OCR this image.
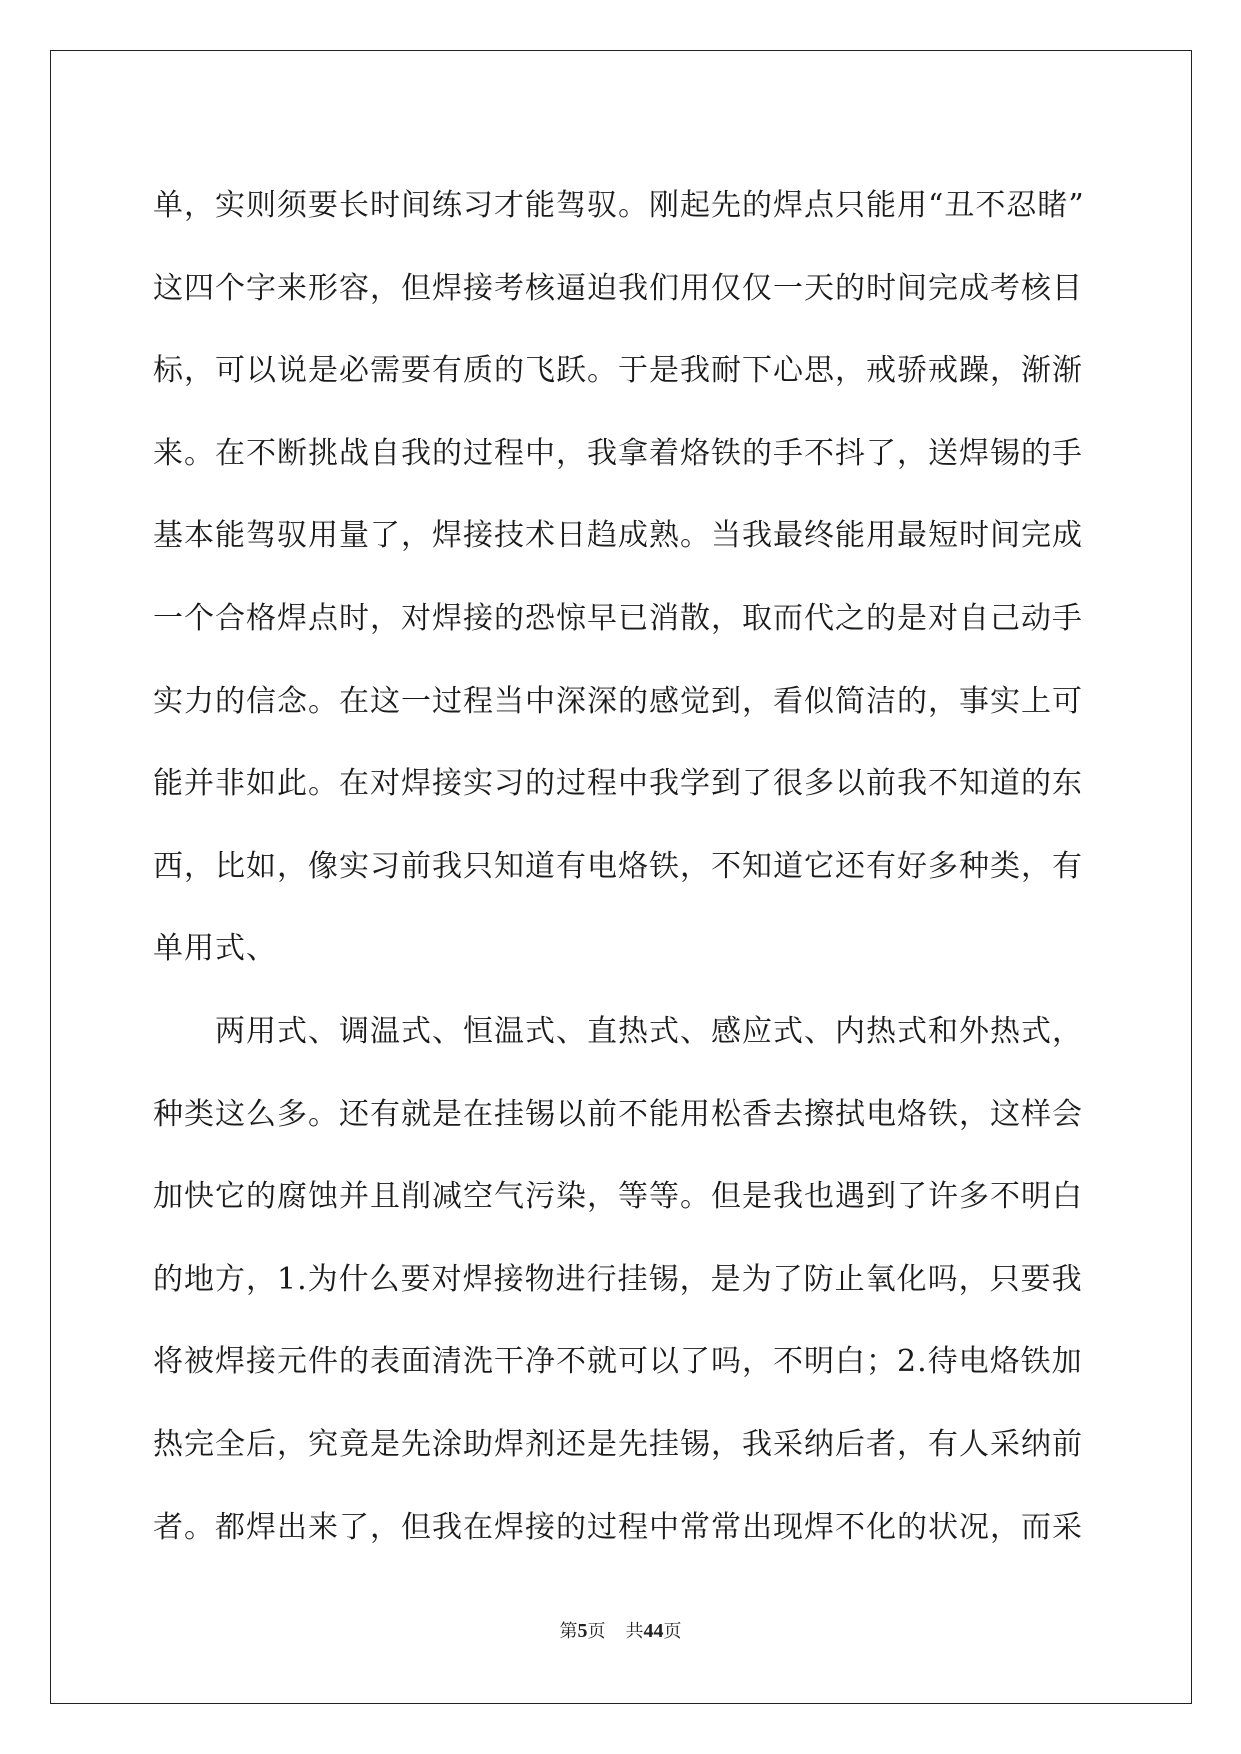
单，实则须要长时间练习才能驾驭。刚起先的焊点只能用“丑不忍睹”
这四个字来形容，但焊接考核逼迫我们用仅仅一天的时间完成考核目
标，可以说是必需要有质的飞跃。于是我耐下心思，戒骄戒躁，渐渐
来。在不断挑战自我的过程中，我拿着烙铁的手不抖了，送焊锡的手
基本能驾驭用量了，焊接技术日趋成熟。当我最终能用最短时间完成
一个合格焊点时，对焊接的恐惊早已消散，取而代之的是对自己动手
实力的信念。在这一过程当中深深的感觉到，看似简洁的，事实上可
能并非如此。在对焊接实习的过程中我学到了很多以前我不知道的东
西，比如，像实习前我只知道有电烙铁，不知道它还有好多种类，有
单用式、
两用式、调温式、恒温式、直热式、感应式、内热式和外热式，
种类这么多。还有就是在挂锡以前不能用松香去擦拭电烙铁，这样会
加快它的腐蚀并且削减空气污染，等等。但是我也遇到了许多不明白
的地方，1.为什么要对焊接物进行挂锡，是为了防止氧化吗，只要我
将被焊接元件的表面清洗干净不就可以了吗，不明白；2.待电烙铁加
热完全后，究竟是先涂助焊剂还是先挂锡，我采纳后者，有人采纳前
者。都焊出来了，但我在焊接的过程中常常出现焊不化的状况，而采
第5页 共44页
